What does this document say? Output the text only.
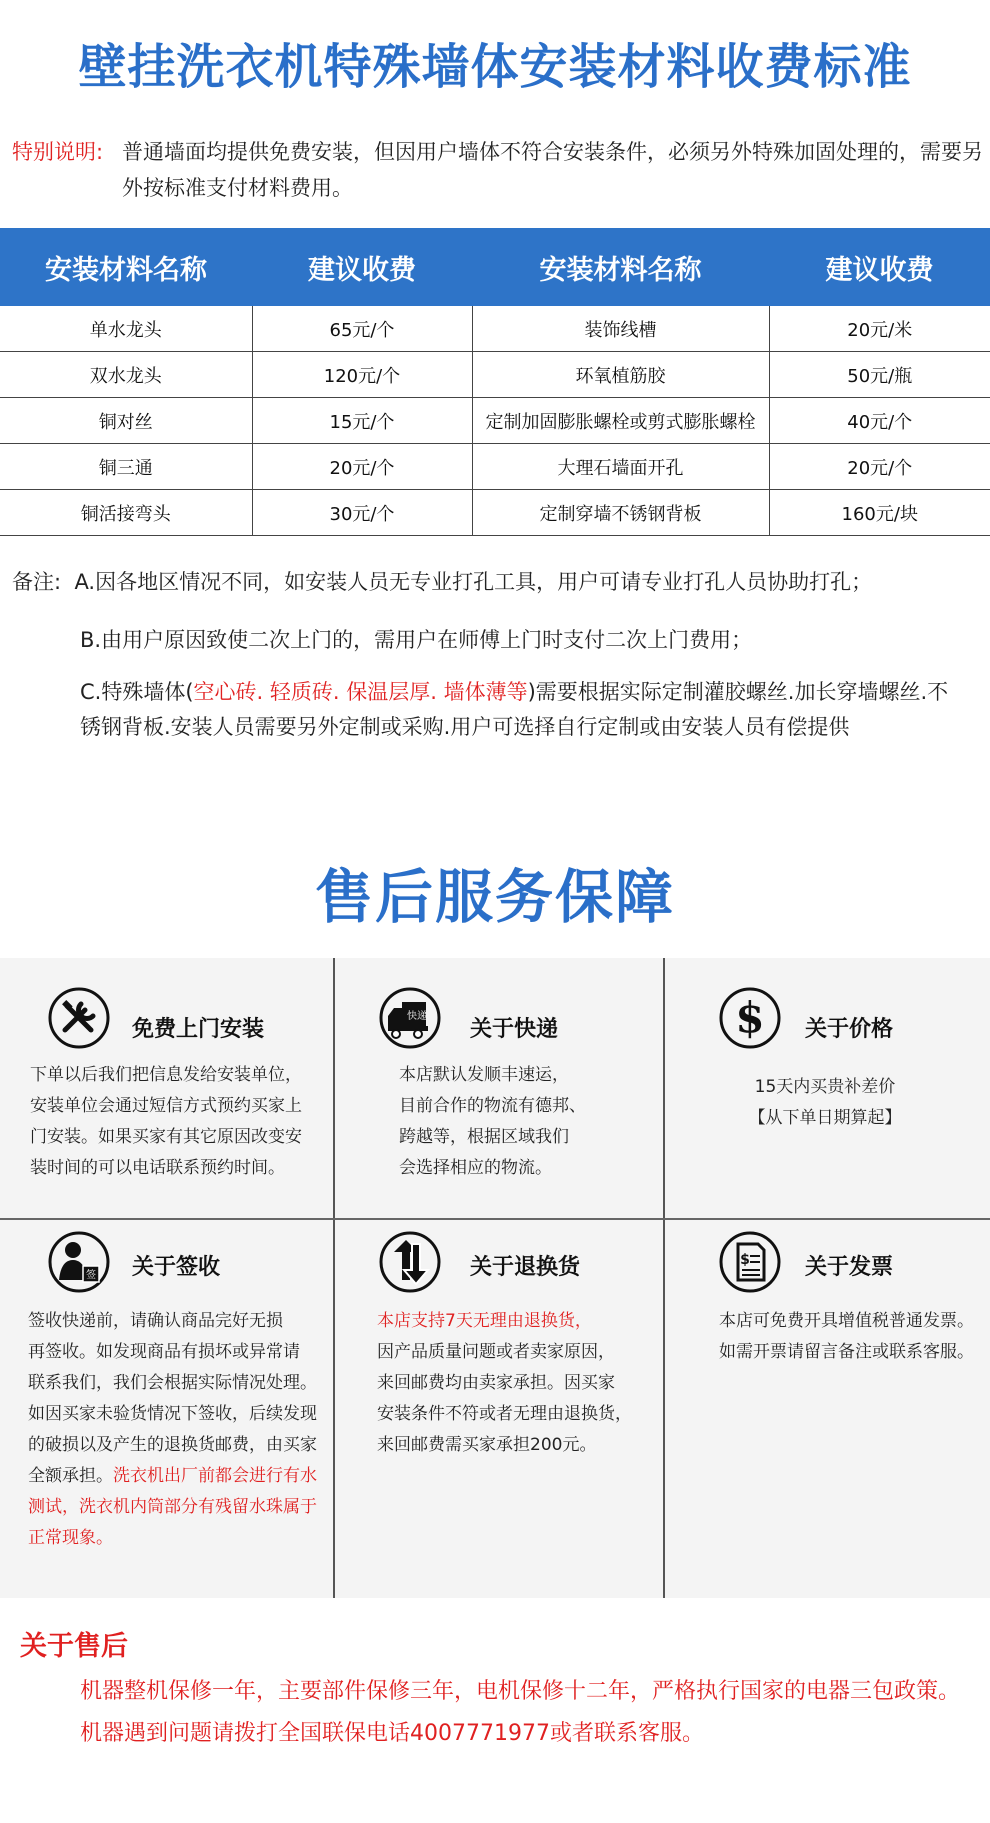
壁挂洗衣机特殊墙体安装材料收费标准
特别说明: 普通墙面均提供免费安装，但因用户墙体不符合安装条件，必须另外特殊加固处理的，需要另外按标准支付材料费用。
安装材料名称	建议收费	安装材料名称	建议收费
单水龙头	65元/个	装饰线槽	20元/米
双水龙头	120元/个	环氧植筋胶	50元/瓶
铜对丝	15元/个	定制加固膨胀螺栓或剪式膨胀螺栓	40元/个
铜三通	20元/个	大理石墙面开孔	20元/个
铜活接弯头	30元/个	定制穿墙不锈钢背板	160元/块
备注: A.因各地区情况不同，如安装人员无专业打孔工具，用户可请专业打孔人员协助打孔；
B.由用户原因致使二次上门的，需用户在师傅上门时支付二次上门费用；
C.特殊墙体(空心砖. 轻质砖. 保温层厚. 墙体薄等)需要根据实际定制灌胶螺丝.加长穿墙螺丝.不锈钢背板.安装人员需要另外定制或采购.用户可选择自行定制或由安装人员有偿提供
售后服务保障
免费上门安装
下单以后我们把信息发给安装单位，
安装单位会通过短信方式预约买家上
门安装。如果买家有其它原因改变安
装时间的可以电话联系预约时间。
快递
关于快递
本店默认发顺丰速运，
目前合作的物流有德邦、
跨越等，根据区域我们
会选择相应的物流。
$ 关于价格
15天内买贵补差价
【从下单日期算起】
签 关于签收
签收快递前，请确认商品完好无损
再签收。如发现商品有损坏或异常请
联系我们，我们会根据实际情况处理。
如因买家未验货情况下签收，后续发现
的破损以及产生的退换货邮费，由买家
全额承担。洗衣机出厂前都会进行有水
测试，洗衣机内筒部分有残留水珠属于
正常现象。
关于退换货
本店支持7天无理由退换货，
因产品质量问题或者卖家原因，
来回邮费均由卖家承担。因买家
安装条件不符或者无理由退换货，
来回邮费需买家承担200元。
$	关于发票
本店可免费开具增值税普通发票。
如需开票请留言备注或联系客服。
关于售后
机器整机保修一年，主要部件保修三年，电机保修十二年，严格执行国家的电器三包政策。
机器遇到问题请拨打全国联保电话4007771977或者联系客服。
